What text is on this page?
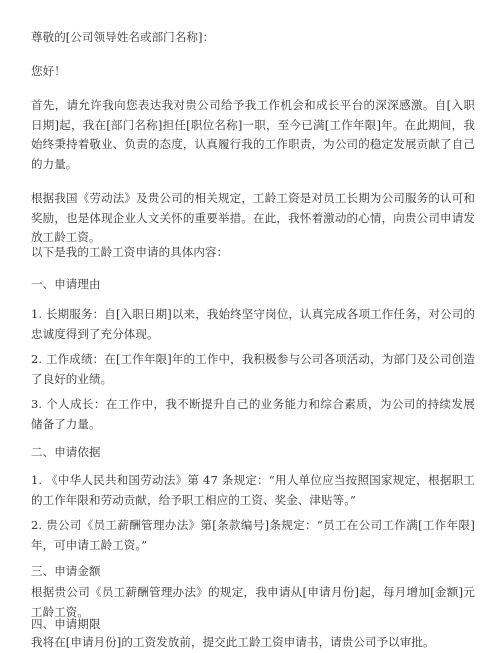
尊敬的[公司领导姓名或部门名称]：

您好！

首先，请允许我向您表达我对贵公司给予我工作机会和成长平台的深深感激。自[入职日期]起，我在[部门名称]担任[职位名称]一职，至今已满[工作年限]年。在此期间，我始终秉持着敬业、负责的态度，认真履行我的工作职责，为公司的稳定发展贡献了自己的力量。

根据我国《劳动法》及贵公司的相关规定，工龄工资是对员工长期为公司服务的认可和奖励，也是体现企业人文关怀的重要举措。在此，我怀着激动的心情，向贵公司申请发放工龄工资。

以下是我的工龄工资申请的具体内容：

一、申请理由

1. 长期服务：自[入职日期]以来，我始终坚守岗位，认真完成各项工作任务，对公司的忠诚度得到了充分体现。

2. 工作成绩：在[工作年限]年的工作中，我积极参与公司各项活动，为部门及公司创造了良好的业绩。

3. 个人成长：在工作中，我不断提升自己的业务能力和综合素质，为公司的持续发展储备了力量。

二、申请依据

1. 《中华人民共和国劳动法》第 47 条规定：“用人单位应当按照国家规定，根据职工的工作年限和劳动贡献，给予职工相应的工资、奖金、津贴等。”

2. 贵公司《员工薪酬管理办法》第[条款编号]条规定：“员工在公司工作满[工作年限]年，可申请工龄工资。”

三、申请金额

根据贵公司《员工薪酬管理办法》的规定，我申请从[申请月份]起，每月增加[金额]元工龄工资。

四、申请期限

我将在[申请月份]的工资发放前，提交此工龄工资申请书，请贵公司予以审批。
